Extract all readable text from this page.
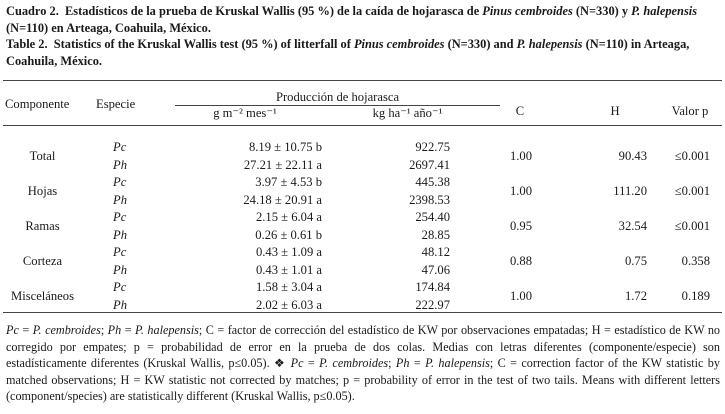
Cuadro 2. Estadísticos de la prueba de Kruskal Wallis (95 %) de la caída de hojarasca de Pinus cembroides (N=330) y P. halepensis (N=110) en Arteaga, Coahuila, México.
Table 2. Statistics of the Kruskal Wallis test (95 %) of litterfall of Pinus cembroides (N=330) and P. halepensis (N=110) in Arteaga, Coahuila, México.
Componente Especie	Producción de hojarasca
g m⁻² mes⁻¹	kg ha⁻¹ año⁻¹	C	H	Valor p
Total	1.00	90.43	≤0.001
Pc	8.19 ± 10.75 b	922.75
Ph	27.21 ± 22.11 a	2697.41
Hojas	1.00	111.20	≤0.001
Pc	3.97 ± 4.53 b	445.38
Ph	24.18 ± 20.91 a	2398.53
Ramas	0.95	32.54	≤0.001
Pc	2.15 ± 6.04 a	254.40
Ph	0.26 ± 0.61 b	28.85
Corteza	0.88	0.75	0.358
Pc	0.43 ± 1.09 a	48.12
Ph	0.43 ± 1.01 a	47.06
Misceláneos	1.00	1.72	0.189
Pc	1.58 ± 3.04 a	174.84
Ph	2.02 ± 6.03 a	222.97
Pc = P. cembroides; Ph = P. halepensis; C = factor de corrección del estadístico de KW por observaciones empatadas; H = estadístico de KW no corregido por empates; p = probabilidad de error en la prueba de dos colas. Medias con letras diferentes (componente/especie) son estadísticamente diferentes (Kruskal Wallis, p≤0.05). ❖ Pc = P. cembroides; Ph = P. halepensis; C = correction factor of the KW statistic by matched observations; H = KW statistic not corrected by matches; p = probability of error in the test of two tails. Means with different letters (component/species) are statistically different (Kruskal Wallis, p≤0.05).
